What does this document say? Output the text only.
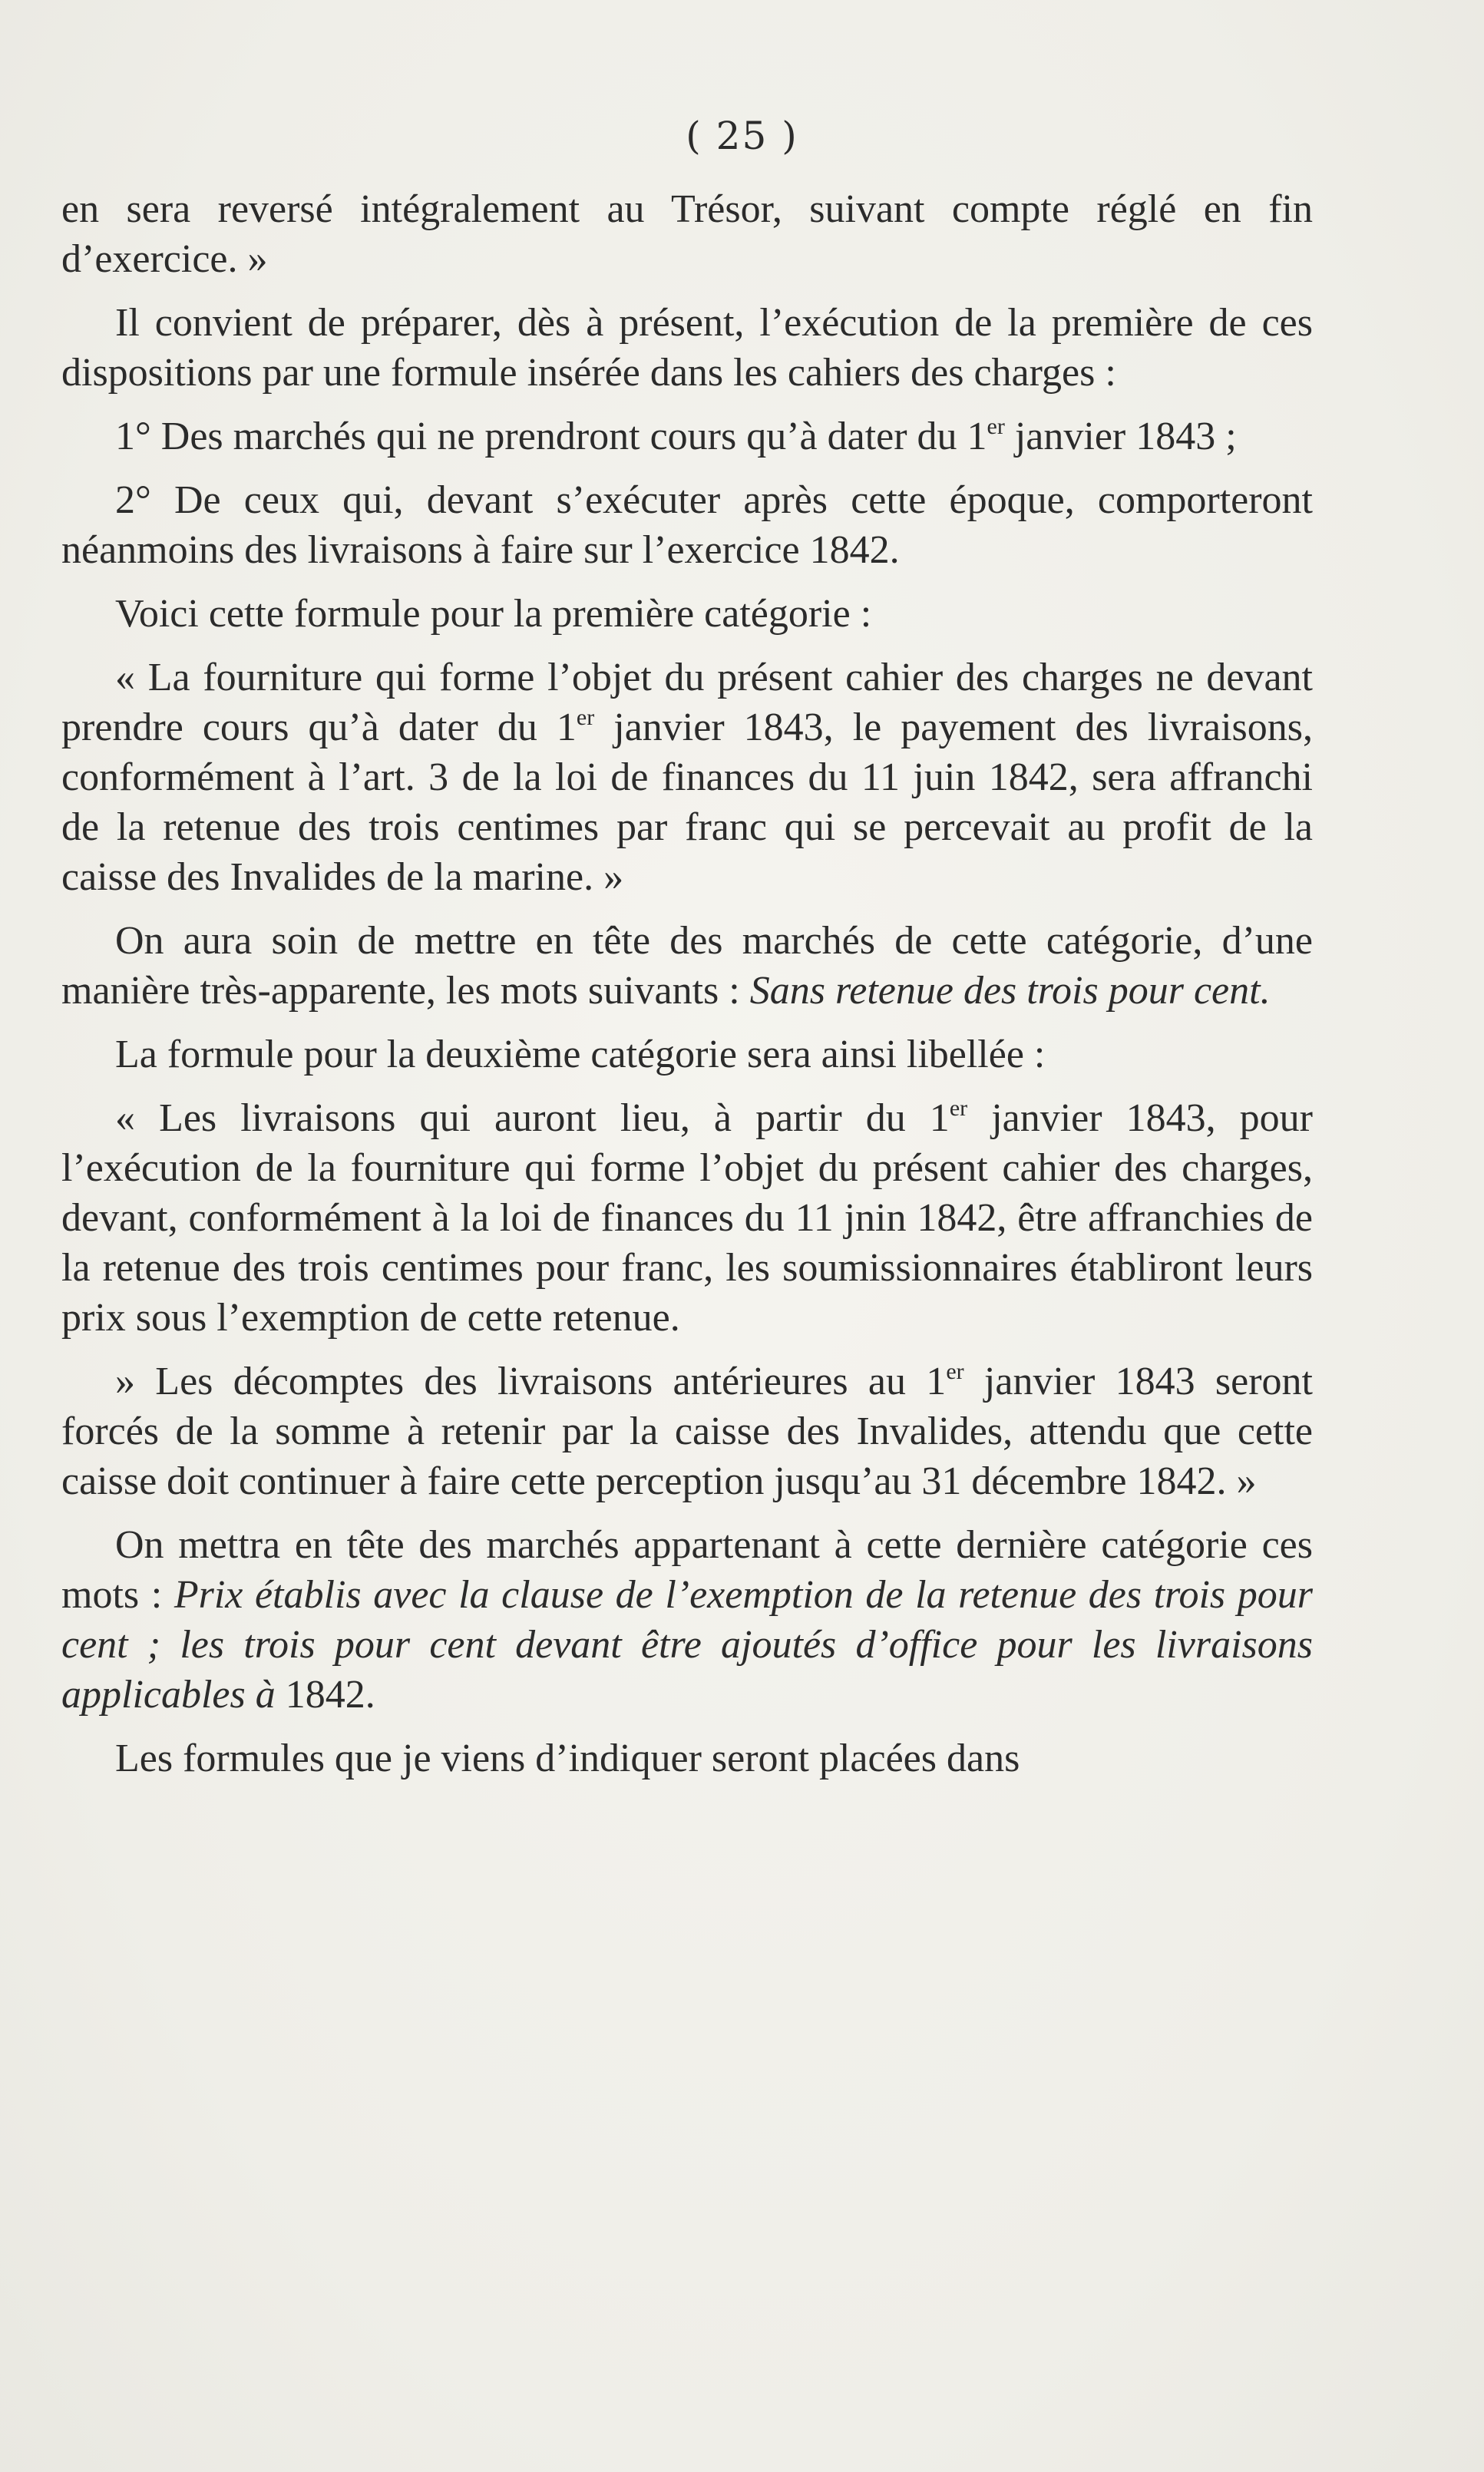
( 25 )

en sera reversé intégralement au Trésor, suivant compte réglé en fin d’exercice. »

Il convient de préparer, dès à présent, l’exécution de la première de ces dispositions par une formule insérée dans les cahiers des charges :

1° Des marchés qui ne prendront cours qu’à dater du 1er janvier 1843 ;

2° De ceux qui, devant s’exécuter après cette époque, comporteront néanmoins des livraisons à faire sur l’exercice 1842.

Voici cette formule pour la première catégorie :

« La fourniture qui forme l’objet du présent cahier des charges ne devant prendre cours qu’à dater du 1er janvier 1843, le payement des livraisons, conformément à l’art. 3 de la loi de finances du 11 juin 1842, sera affranchi de la retenue des trois centimes par franc qui se percevait au profit de la caisse des Invalides de la marine. »

On aura soin de mettre en tête des marchés de cette catégorie, d’une manière très-apparente, les mots suivants : Sans retenue des trois pour cent.

La formule pour la deuxième catégorie sera ainsi libellée :

« Les livraisons qui auront lieu, à partir du 1er janvier 1843, pour l’exécution de la fourniture qui forme l’objet du présent cahier des charges, devant, conformément à la loi de finances du 11 jnin 1842, être affranchies de la retenue des trois centimes pour franc, les soumissionnaires établiront leurs prix sous l’exemption de cette retenue.

» Les décomptes des livraisons antérieures au 1er janvier 1843 seront forcés de la somme à retenir par la caisse des Invalides, attendu que cette caisse doit continuer à faire cette perception jusqu’au 31 décembre 1842. »

On mettra en tête des marchés appartenant à cette dernière catégorie ces mots : Prix établis avec la clause de l’exemption de la retenue des trois pour cent ; les trois pour cent devant être ajoutés d’office pour les livraisons applicables à 1842.

Les formules que je viens d’indiquer seront placées dans
